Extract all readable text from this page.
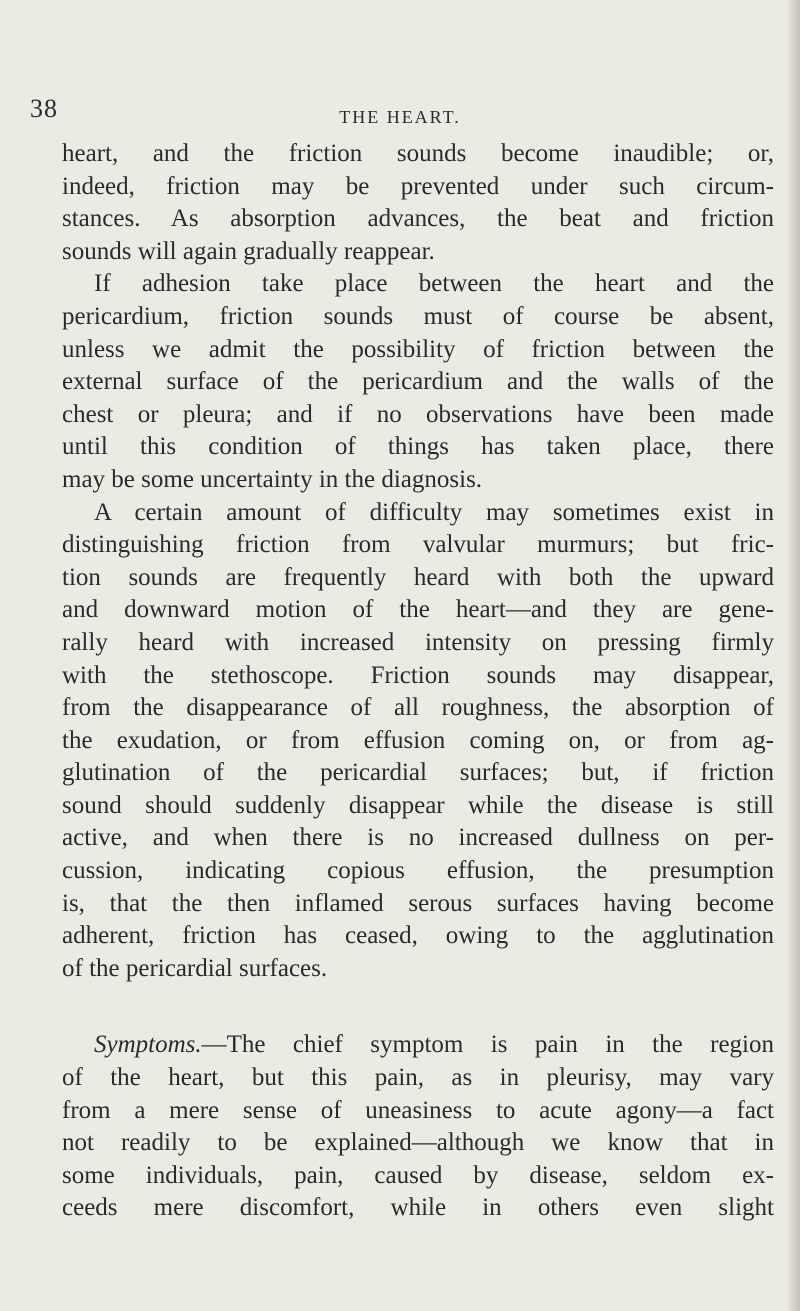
38	THE HEART.
heart, and the friction sounds become inaudible; or,
indeed, friction may be prevented under such circum-
stances. As absorption advances, the beat and friction
sounds will again gradually reappear.
If adhesion take place between the heart and the
pericardium, friction sounds must of course be absent,
unless we admit the possibility of friction between the
external surface of the pericardium and the walls of the
chest or pleura; and if no observations have been made
until this condition of things has taken place, there
may be some uncertainty in the diagnosis.
A certain amount of difficulty may sometimes exist in
distinguishing friction from valvular murmurs; but fric-
tion sounds are frequently heard with both the upward
and downward motion of the heart—and they are gene-
rally heard with increased intensity on pressing firmly
with the stethoscope. Friction sounds may disappear,
from the disappearance of all roughness, the absorption of
the exudation, or from effusion coming on, or from ag-
glutination of the pericardial surfaces; but, if friction
sound should suddenly disappear while the disease is still
active, and when there is no increased dullness on per-
cussion, indicating copious effusion, the presumption
is, that the then inflamed serous surfaces having become
adherent, friction has ceased, owing to the agglutination
of the pericardial surfaces.
Symptoms.—The chief symptom is pain in the region
of the heart, but this pain, as in pleurisy, may vary
from a mere sense of uneasiness to acute agony—a fact
not readily to be explained—although we know that in
some individuals, pain, caused by disease, seldom ex-
ceeds mere discomfort, while in others even slight
